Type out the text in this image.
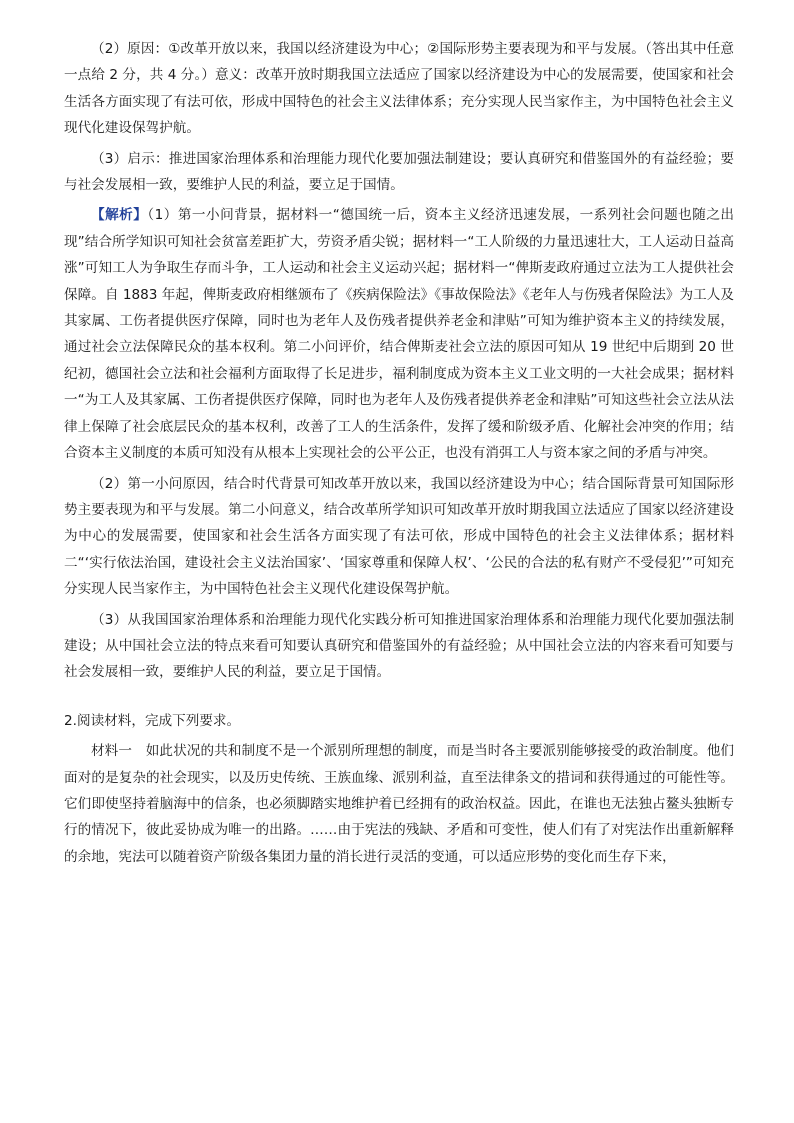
（2）原因：①改革开放以来，我国以经济建设为中心；②国际形势主要表现为和平与发展。（答出其中任意一点给 2 分，共 4 分。）意义：改革开放时期我国立法适应了国家以经济建设为中心的发展需要，使国家和社会生活各方面实现了有法可依，形成中国特色的社会主义法律体系；充分实现人民当家作主，为中国特色社会主义现代化建设保驾护航。

（3）启示：推进国家治理体系和治理能力现代化要加强法制建设；要认真研究和借鉴国外的有益经验；要与社会发展相一致，要维护人民的利益，要立足于国情。

【解析】（1）第一小问背景，据材料一“德国统一后，资本主义经济迅速发展，一系列社会问题也随之出现”结合所学知识可知社会贫富差距扩大，劳资矛盾尖锐；据材料一“工人阶级的力量迅速壮大，工人运动日益高涨”可知工人为争取生存而斗争，工人运动和社会主义运动兴起；据材料一“俾斯麦政府通过立法为工人提供社会保障。自 1883 年起，俾斯麦政府相继颁布了《疾病保险法》《事故保险法》《老年人与伤残者保险法》为工人及其家属、工伤者提供医疗保障，同时也为老年人及伤残者提供养老金和津贴”可知为维护资本主义的持续发展，通过社会立法保障民众的基本权利。第二小问评价，结合俾斯麦社会立法的原因可知从 19 世纪中后期到 20 世纪初，德国社会立法和社会福利方面取得了长足进步，福利制度成为资本主义工业文明的一大社会成果；据材料一“为工人及其家属、工伤者提供医疗保障，同时也为老年人及伤残者提供养老金和津贴”可知这些社会立法从法律上保障了社会底层民众的基本权利，改善了工人的生活条件，发挥了缓和阶级矛盾、化解社会冲突的作用；结合资本主义制度的本质可知没有从根本上实现社会的公平公正，也没有消弭工人与资本家之间的矛盾与冲突。

（2）第一小问原因，结合时代背景可知改革开放以来，我国以经济建设为中心；结合国际背景可知国际形势主要表现为和平与发展。第二小问意义，结合改革所学知识可知改革开放时期我国立法适应了国家以经济建设为中心的发展需要，使国家和社会生活各方面实现了有法可依，形成中国特色的社会主义法律体系；据材料二“‘实行依法治国，建设社会主义法治国家’、‘国家尊重和保障人权’、‘公民的合法的私有财产不受侵犯’”可知充分实现人民当家作主，为中国特色社会主义现代化建设保驾护航。

（3）从我国国家治理体系和治理能力现代化实践分析可知推进国家治理体系和治理能力现代化要加强法制建设；从中国社会立法的特点来看可知要认真研究和借鉴国外的有益经验；从中国社会立法的内容来看可知要与社会发展相一致，要维护人民的利益，要立足于国情。

2.阅读材料，完成下列要求。

材料一　如此状况的共和制度不是一个派别所理想的制度，而是当时各主要派别能够接受的政治制度。他们面对的是复杂的社会现实，以及历史传统、王族血缘、派别利益，直至法律条文的措词和获得通过的可能性等。它们即使坚持着脑海中的信条，也必须脚踏实地维护着已经拥有的政治权益。因此，在谁也无法独占鳌头独断专行的情况下，彼此妥协成为唯一的出路。……由于宪法的残缺、矛盾和可变性，使人们有了对宪法作出重新解释的余地，宪法可以随着资产阶级各集团力量的消长进行灵活的变通，可以适应形势的变化而生存下来，
